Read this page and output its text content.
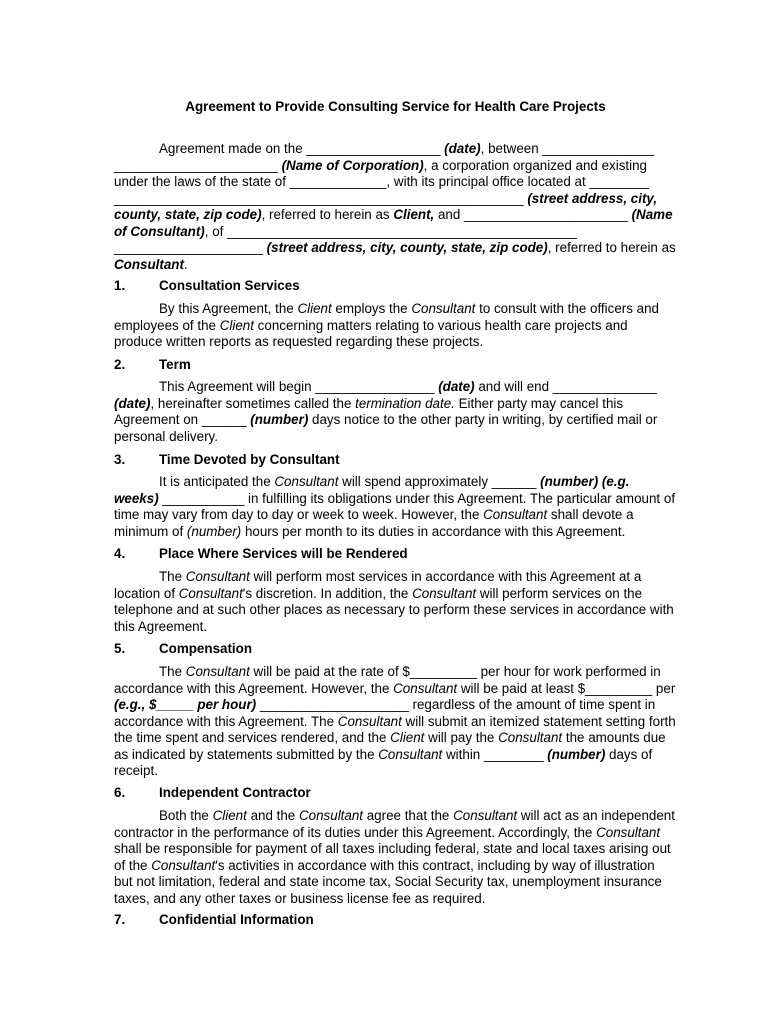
Agreement to Provide Consulting Service for Health Care Projects

Agreement made on the __________________ (date), between _______________ ______________________ (Name of Corporation), a corporation organized and existing under the laws of the state of _____________, with its principal office located at ________ _______________________________________________________ (street address, city, county, state, zip code), referred to herein as Client, and ______________________ (Name of Consultant), of _______________________________________________ ____________________ (street address, city, county, state, zip code), referred to herein as Consultant.

1.	Consultation Services

By this Agreement, the Client employs the Consultant to consult with the officers and employees of the Client concerning matters relating to various health care projects and produce written reports as requested regarding these projects.

2.	Term

This Agreement will begin ________________ (date) and will end ______________ (date), hereinafter sometimes called the termination date. Either party may cancel this Agreement on ______ (number) days notice to the other party in writing, by certified mail or personal delivery.

3.	Time Devoted by Consultant

It is anticipated the Consultant will spend approximately ______ (number) (e.g. weeks) ___________ in fulfilling its obligations under this Agreement. The particular amount of time may vary from day to day or week to week. However, the Consultant shall devote a minimum of (number) hours per month to its duties in accordance with this Agreement.

4.	Place Where Services will be Rendered

The Consultant will perform most services in accordance with this Agreement at a location of Consultant's discretion. In addition, the Consultant will perform services on the telephone and at such other places as necessary to perform these services in accordance with this Agreement.

5.	Compensation

The Consultant will be paid at the rate of $_________ per hour for work performed in accordance with this Agreement. However, the Consultant will be paid at least $_________ per (e.g., $_____ per hour) ____________________ regardless of the amount of time spent in accordance with this Agreement. The Consultant will submit an itemized statement setting forth the time spent and services rendered, and the Client will pay the Consultant the amounts due as indicated by statements submitted by the Consultant within ________ (number) days of receipt.

6.	Independent Contractor

Both the Client and the Consultant agree that the Consultant will act as an independent contractor in the performance of its duties under this Agreement. Accordingly, the Consultant shall be responsible for payment of all taxes including federal, state and local taxes arising out of the Consultant's activities in accordance with this contract, including by way of illustration but not limitation, federal and state income tax, Social Security tax, unemployment insurance taxes, and any other taxes or business license fee as required.

7.	Confidential Information
